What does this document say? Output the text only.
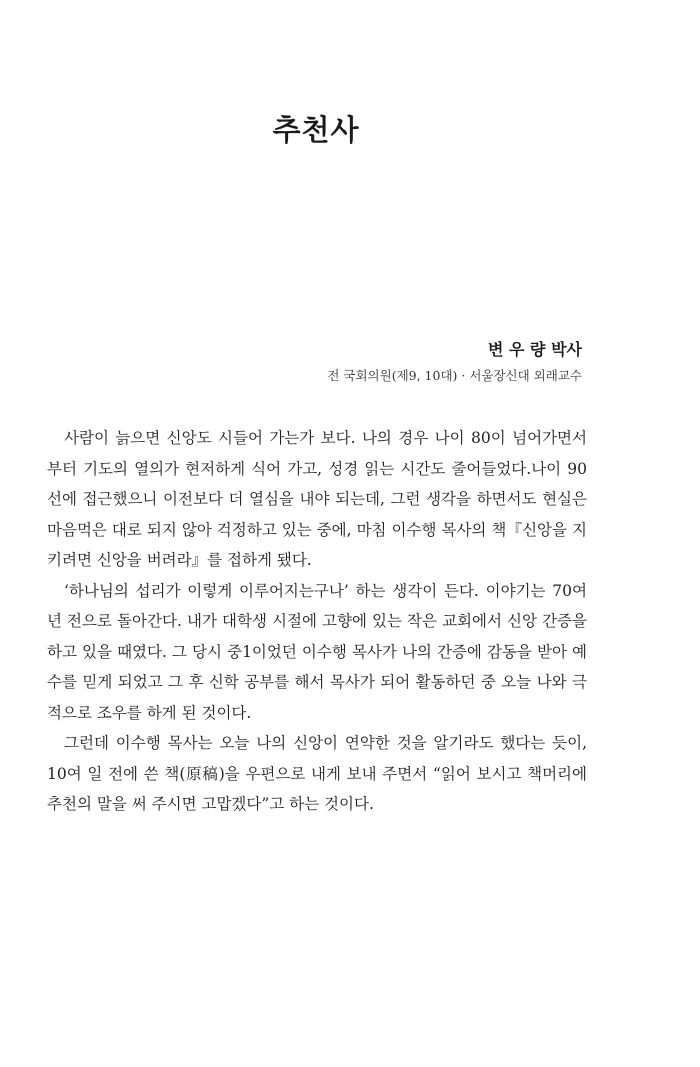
추천사
변 우 량 박사
전 국회의원(제9, 10대) · 서울장신대 외래교수

사람이 늙으면 신앙도 시들어 가는가 보다. 나의 경우 나이 80이 넘어가면서부터 기도의 열의가 현저하게 식어 가고, 성경 읽는 시간도 줄어들었다.나이 90선에 접근했으니 이전보다 더 열심을 내야 되는데, 그런 생각을 하면서도 현실은 마음먹은 대로 되지 않아 걱정하고 있는 중에, 마침 이수행 목사의 책『신앙을 지키려면 신앙을 버려라』를 접하게 됐다.

‘하나님의 섭리가 이렇게 이루어지는구나’ 하는 생각이 든다. 이야기는 70여 년 전으로 돌아간다. 내가 대학생 시절에 고향에 있는 작은 교회에서 신앙 간증을 하고 있을 때였다. 그 당시 중1이었던 이수행 목사가 나의 간증에 감동을 받아 예수를 믿게 되었고 그 후 신학 공부를 해서 목사가 되어 활동하던 중 오늘 나와 극적으로 조우를 하게 된 것이다.

그런데 이수행 목사는 오늘 나의 신앙이 연약한 것을 알기라도 했다는 듯이, 10여 일 전에 쓴 책(原稿)을 우편으로 내게 보내 주면서 “읽어 보시고 책머리에 추천의 말을 써 주시면 고맙겠다”고 하는 것이다.
